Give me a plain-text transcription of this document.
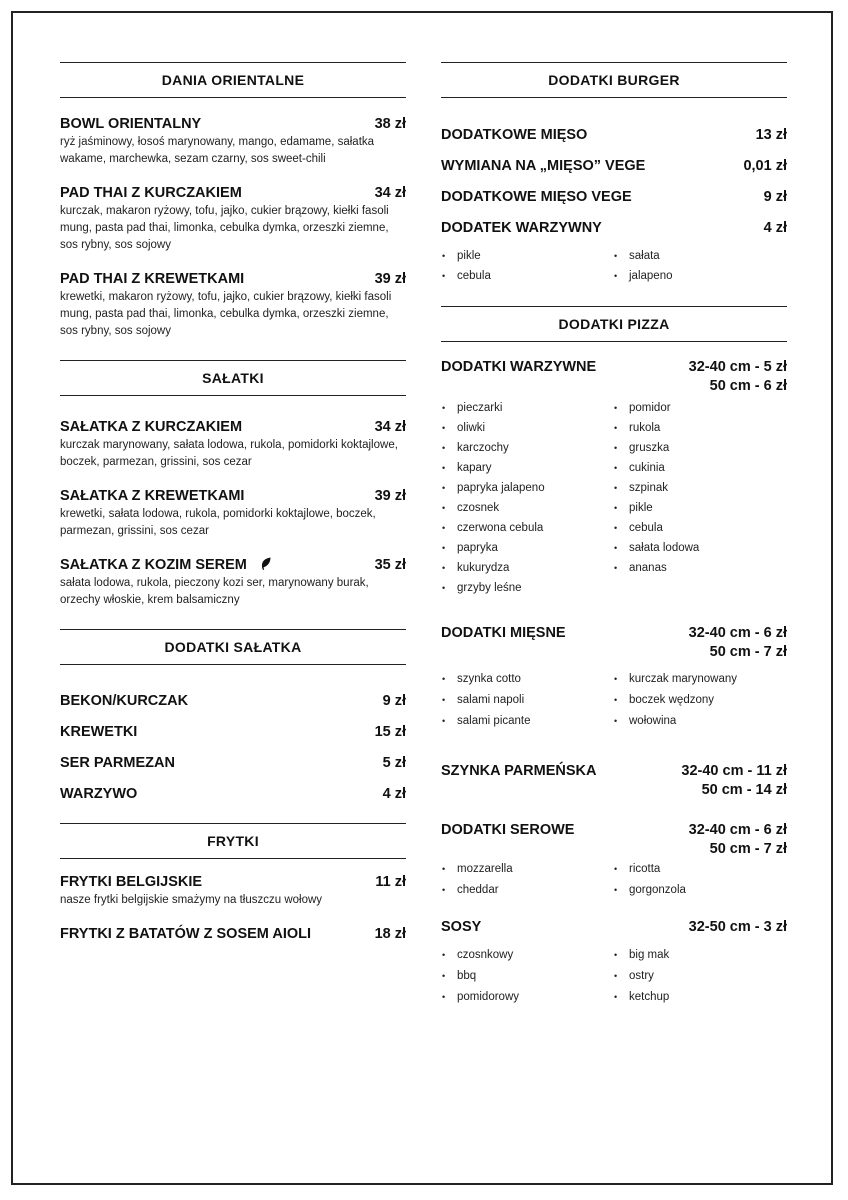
DANIA ORIENTALNE
BOWL ORIENTALNY	38 zł
ryż jaśminowy, łosoś marynowany, mango, edamame, sałatka wakame, marchewka, sezam czarny, sos sweet-chili
PAD THAI Z KURCZAKIEM	34 zł
kurczak, makaron ryżowy, tofu, jajko, cukier brązowy, kiełki fasoli mung, pasta pad thai, limonka, cebulka dymka, orzeszki ziemne, sos rybny, sos sojowy
PAD THAI Z KREWETKAMI	39 zł
krewetki, makaron ryżowy, tofu, jajko, cukier brązowy, kiełki fasoli mung, pasta pad thai, limonka, cebulka dymka, orzeszki ziemne, sos rybny, sos sojowy
SAŁATKI
SAŁATKA Z KURCZAKIEM	34 zł
kurczak marynowany, sałata lodowa, rukola, pomidorki koktajlowe, boczek, parmezan, grissini, sos cezar
SAŁATKA Z KREWETKAMI	39 zł
krewetki, sałata lodowa, rukola, pomidorki koktajlowe, boczek, parmezan, grissini, sos cezar
SAŁATKA Z KOZIM SEREM	35 zł
sałata lodowa, rukola, pieczony kozi ser, marynowany burak, orzechy włoskie, krem balsamiczny
DODATKI SAŁATKA
BEKON/KURCZAK	9 zł
KREWETKI	15 zł
SER PARMEZAN	5 zł
WARZYWO	4 zł
FRYTKI
FRYTKI BELGIJSKIE	11 zł
nasze frytki belgijskie smażymy na tłuszczu wołowy
FRYTKI Z BATATÓW Z SOSEM AIOLI	18 zł
DODATKI BURGER
DODATKOWE MIĘSO	13 zł
WYMIANA NA „MIĘSO” VEGE	0,01 zł
DODATKOWE MIĘSO VEGE	9 zł
DODATEK WARZYWNY	4 zł
• pikle
• cebula
• sałata
• jalapeno
DODATKI PIZZA
DODATKI WARZYWNE	32-40 cm - 5 zł
50 cm - 6 zł
• pieczarki
• oliwki
• karczochy
• kapary
• papryka jalapeno
• czosnek
• czerwona cebula
• papryka
• kukurydza
• grzyby leśne
• pomidor
• rukola
• gruszka
• cukinia
• szpinak
• pikle
• cebula
• sałata lodowa
• ananas
DODATKI MIĘSNE	32-40 cm - 6 zł
50 cm - 7 zł
• szynka cotto
• salami napoli
• salami picante
• kurczak marynowany
• boczek wędzony
• wołowina
SZYNKA PARMEŃSKA	32-40 cm - 11 zł
50 cm - 14 zł
DODATKI SEROWE	32-40 cm - 6 zł
50 cm - 7 zł
• mozzarella
• cheddar
• ricotta
• gorgonzola
SOSY	32-50 cm - 3 zł
• czosnkowy
• bbq
• pomidorowy
• big mak
• ostry
• ketchup
